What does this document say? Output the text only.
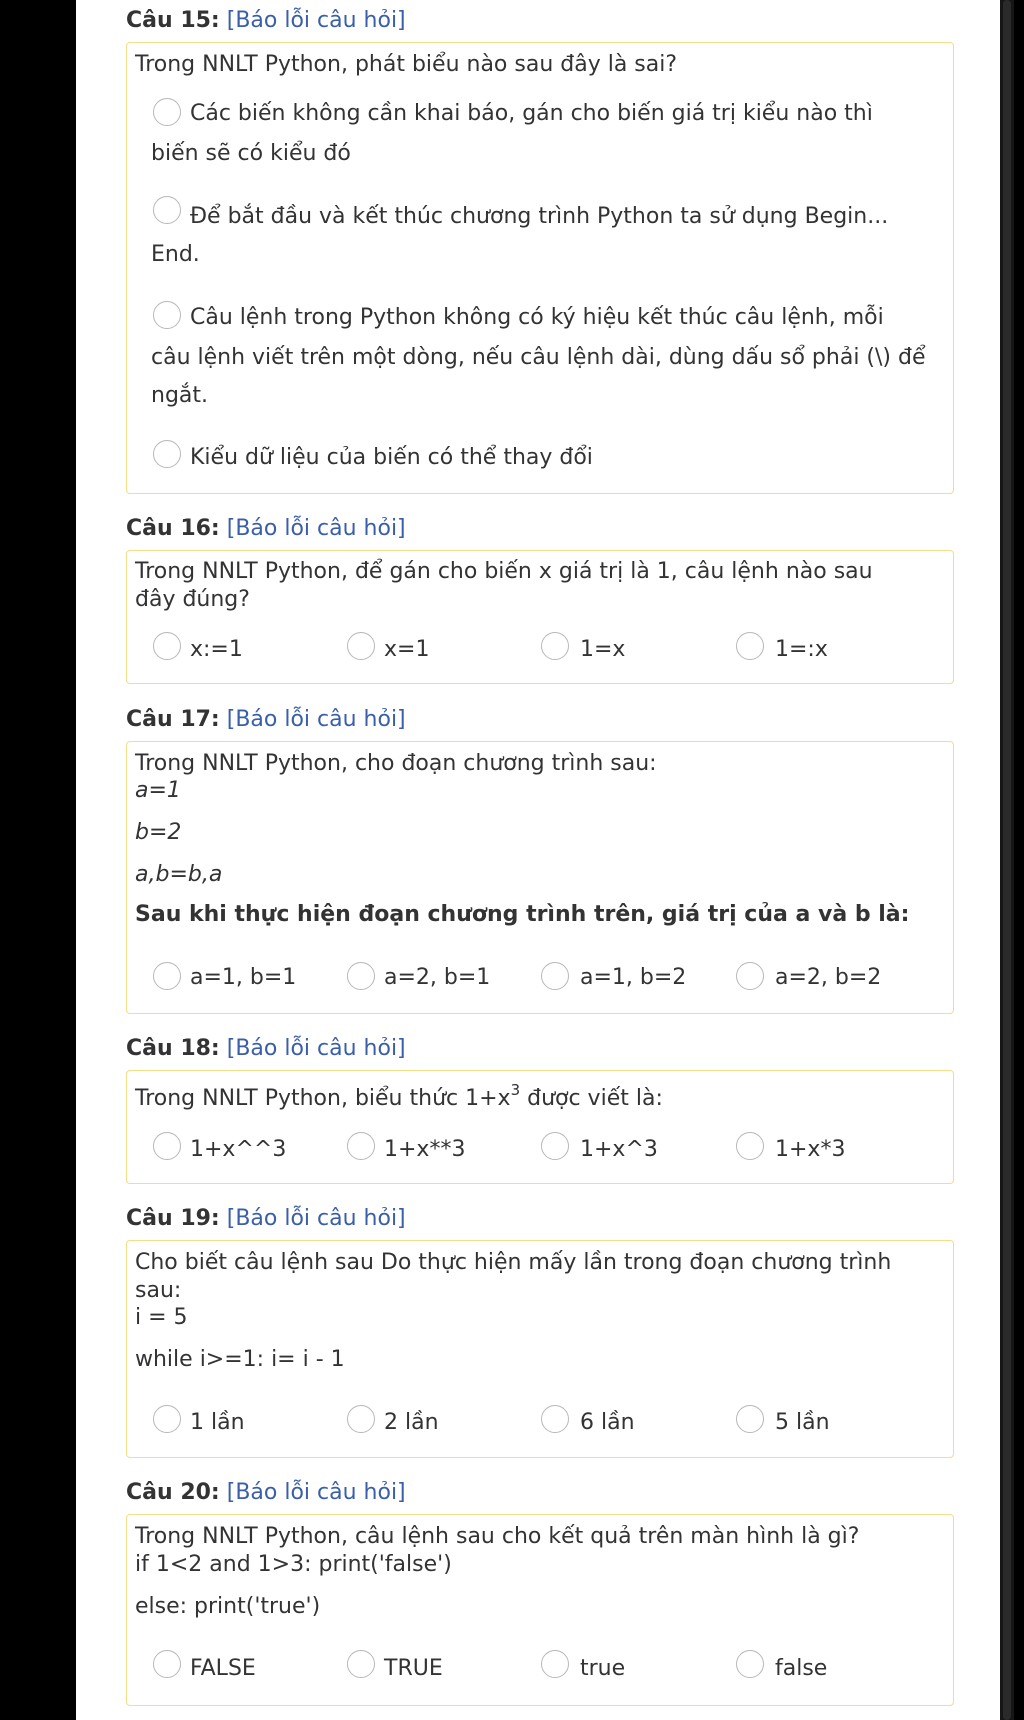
Câu 15: [Báo lỗi câu hỏi]
Trong NNLT Python, phát biểu nào sau đây là sai?
Các biến không cần khai báo, gán cho biến giá trị kiểu nào thì
biến sẽ có kiểu đó
Để bắt đầu và kết thúc chương trình Python ta sử dụng Begin...
End.
Câu lệnh trong Python không có ký hiệu kết thúc câu lệnh, mỗi
câu lệnh viết trên một dòng, nếu câu lệnh dài, dùng dấu sổ phải (\) để
ngắt.
Kiểu dữ liệu của biến có thể thay đổi
Câu 16: [Báo lỗi câu hỏi]
Trong NNLT Python, để gán cho biến x giá trị là 1, câu lệnh nào sau
đây đúng?
x:=1	x=1	1=x	1=:x
Câu 17: [Báo lỗi câu hỏi]
Trong NNLT Python, cho đoạn chương trình sau:
a=1
b=2
a,b=b,a
Sau khi thực hiện đoạn chương trình trên, giá trị của a và b là:
a=1, b=1	a=2, b=1	a=1, b=2	a=2, b=2
Câu 18: [Báo lỗi câu hỏi]
Trong NNLT Python, biểu thức $1+x^3$ được viết là:
1+x^^3	1+x**3	1+x^3	1+x*3
Câu 19: [Báo lỗi câu hỏi]
Cho biết câu lệnh sau Do thực hiện mấy lần trong đoạn chương trình
sau:
i = 5
while i>=1: i= i - 1
1 lần	2 lần	6 lần	5 lần
Câu 20: [Báo lỗi câu hỏi]
Trong NNLT Python, câu lệnh sau cho kết quả trên màn hình là gì?
if 1<2 and 1>3: print('false')
else: print('true')
FALSE	TRUE	true	false
